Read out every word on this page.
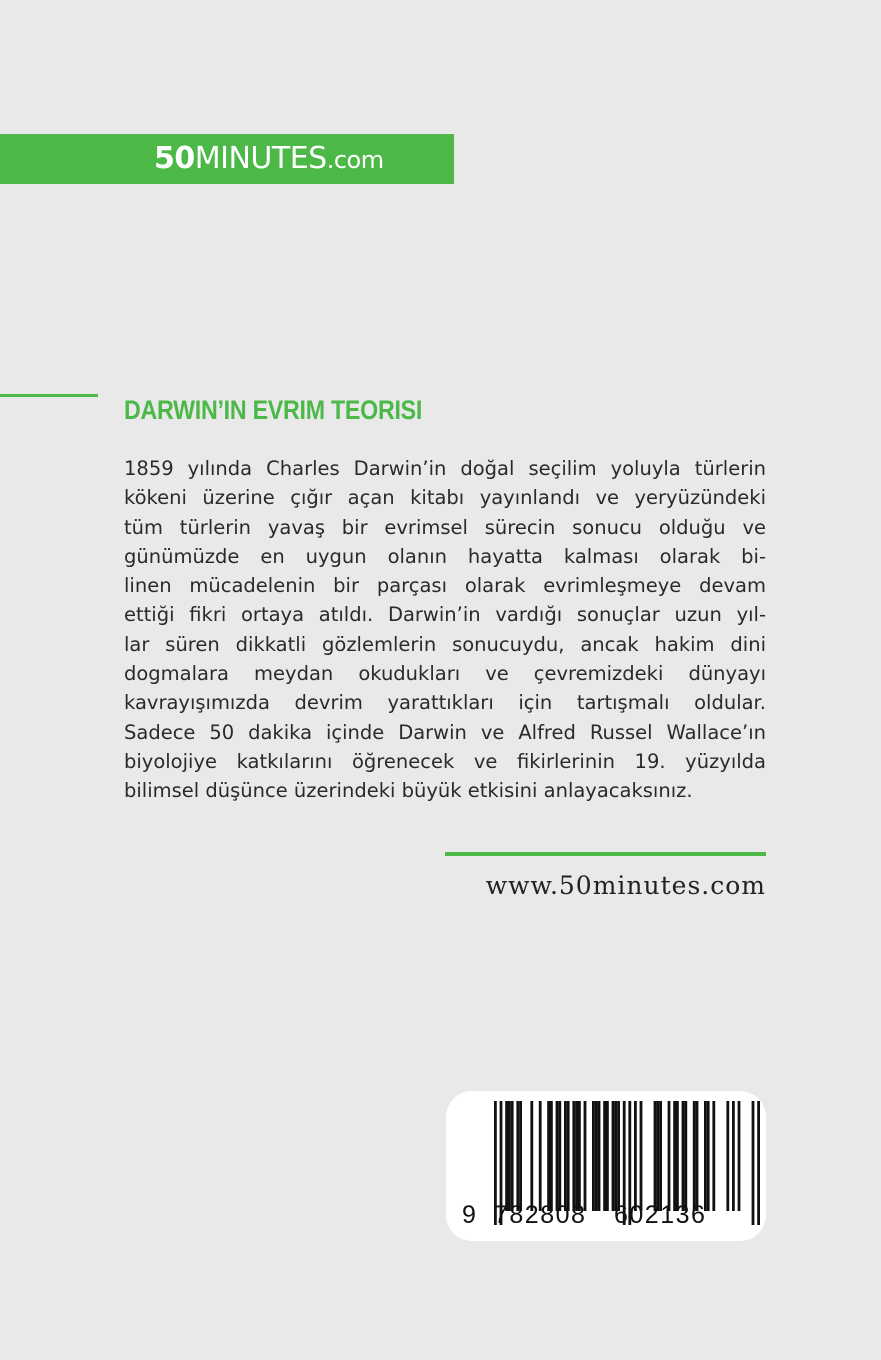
50MINUTES.com
DARWIN’IN EVRIM TEORISI
1859 yılında Charles Darwin’in doğal seçilim yoluyla türlerin
kökeni üzerine çığır açan kitabı yayınlandı ve yeryüzündeki
tüm türlerin yavaş bir evrimsel sürecin sonucu olduğu ve
günümüzde en uygun olanın hayatta kalması olarak bi-
linen mücadelenin bir parçası olarak evrimleşmeye devam
ettiği fikri ortaya atıldı. Darwin’in vardığı sonuçlar uzun yıl-
lar süren dikkatli gözlemlerin sonucuydu, ancak hakim dini
dogmalara meydan okudukları ve çevremizdeki dünyayı
kavrayışımızda devrim yarattıkları için tartışmalı oldular.
Sadece 50 dakika içinde Darwin ve Alfred Russel Wallace’ın
biyolojiye katkılarını öğrenecek ve fikirlerinin 19. yüzyılda
bilimsel düşünce üzerindeki büyük etkisini anlayacaksınız.
www.50minutes.com
9 782808 602136
